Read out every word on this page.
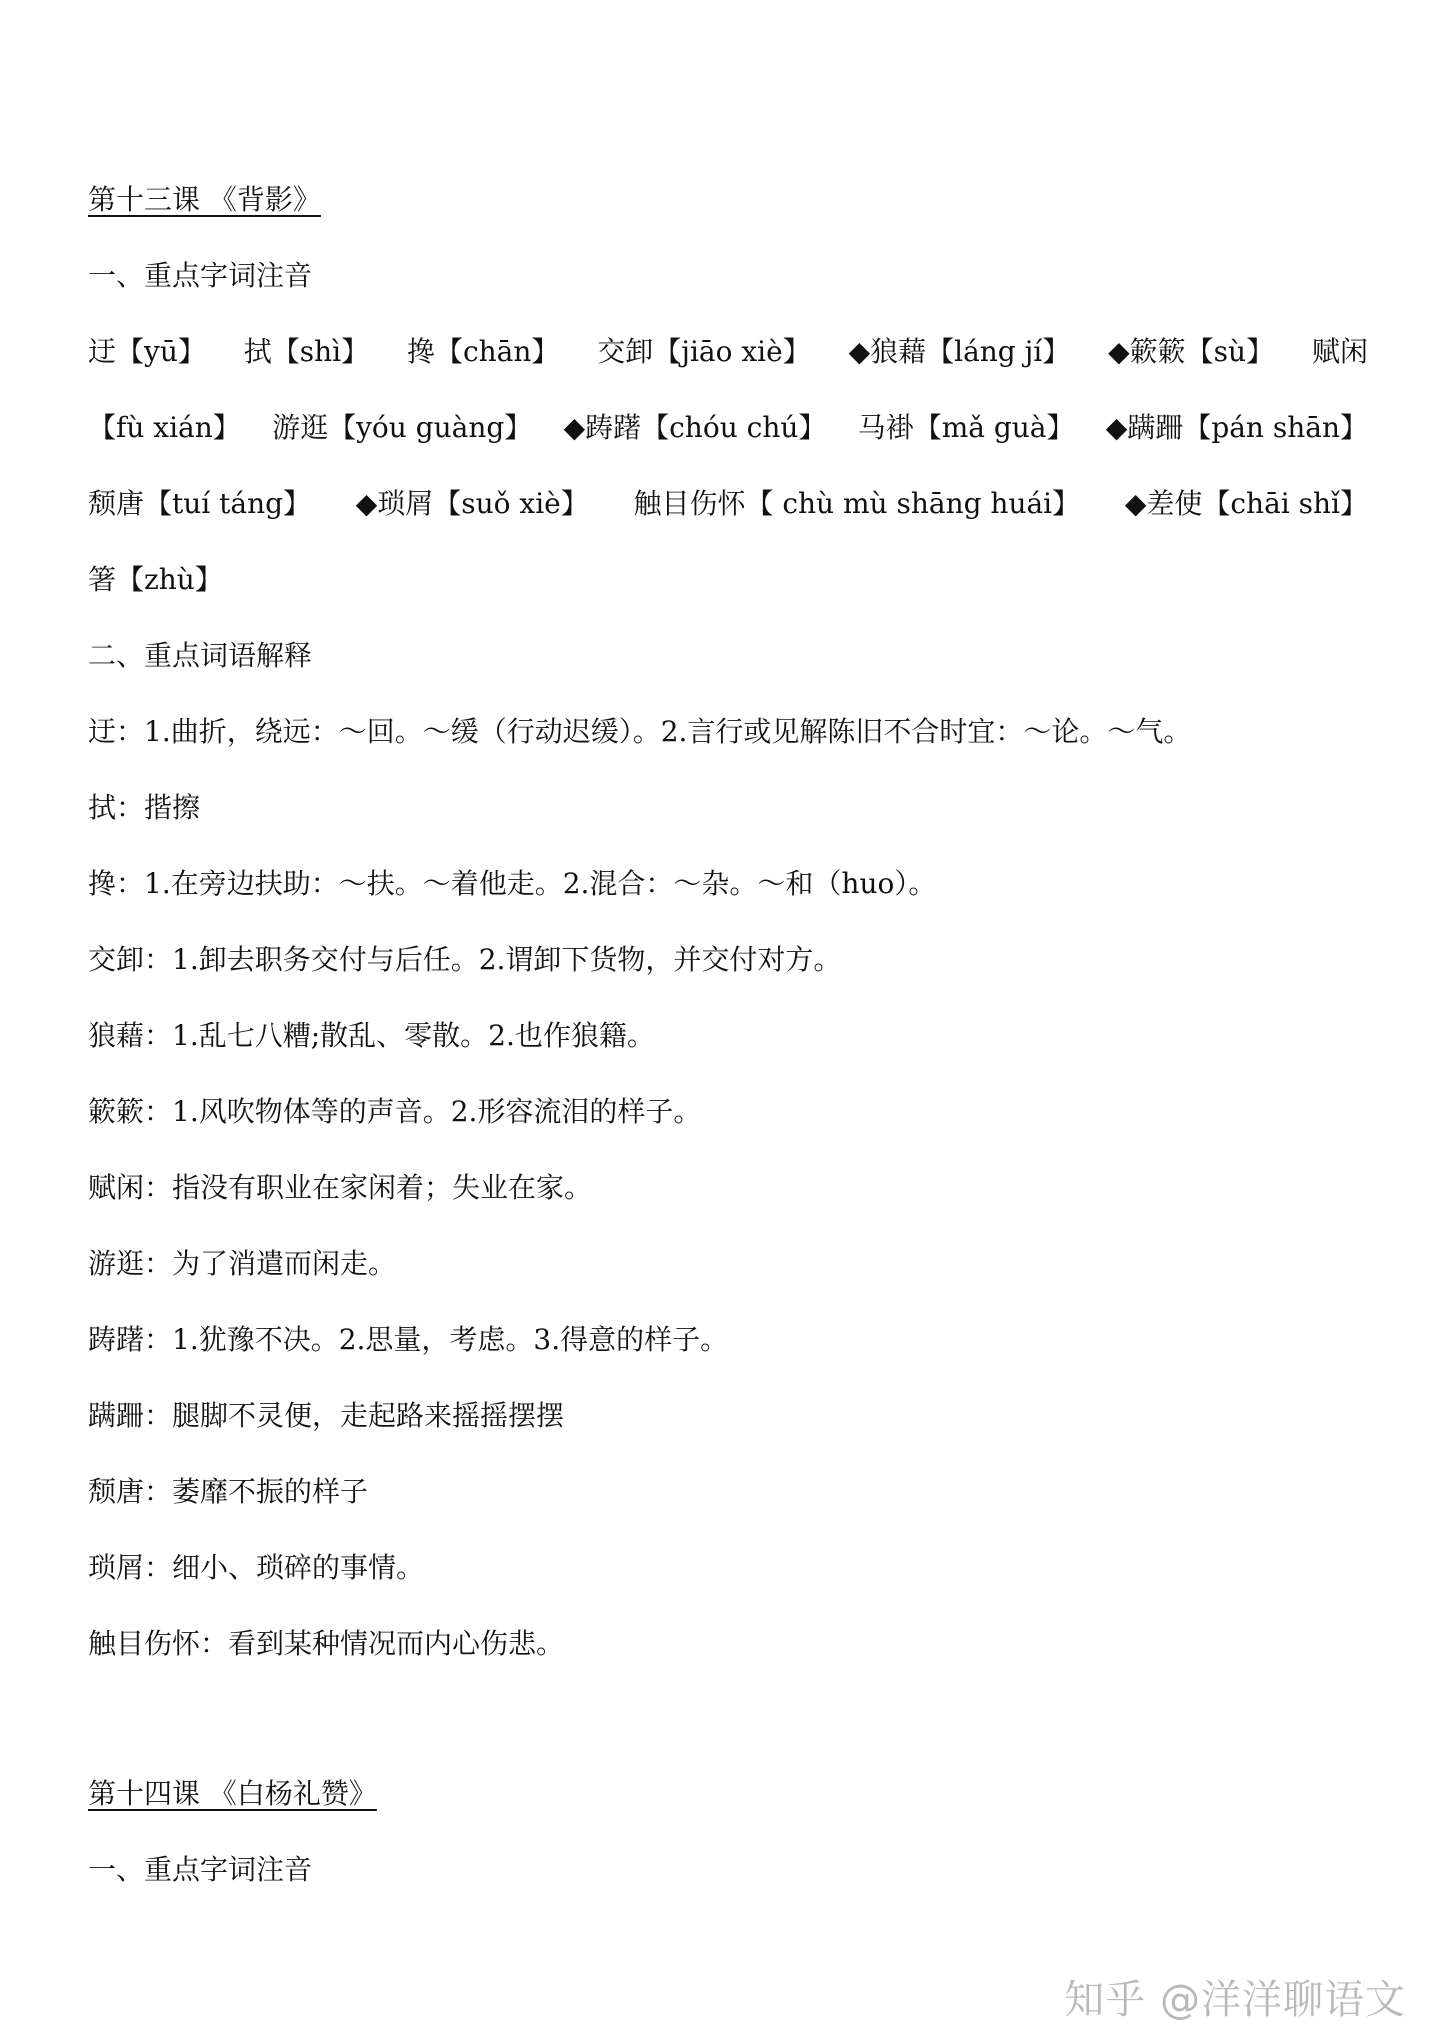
第十三课 《背影》
一、重点字词注音
迂【yū】 拭【shì】 搀【chān】 交卸【jiāo xiè】 ◆狼藉【láng jí】 ◆簌簌【sù】 赋闲
【fù xián】 游逛【yóu guàng】 ◆踌躇【chóu chú】 马褂【mǎ guà】 ◆蹒跚【pán shān】
颓唐【tuí táng】 ◆琐屑【suǒ xiè】 触目伤怀【 chù mù shāng huái】 ◆差使【chāi shǐ】
箸【zhù】
二、重点词语解释
迂：1.曲折，绕远：～回。～缓（行动迟缓）。2.言行或见解陈旧不合时宜：～论。～气。
拭：揩擦
搀：1.在旁边扶助：～扶。～着他走。2.混合：～杂。～和（huo）。
交卸：1.卸去职务交付与后任。2.谓卸下货物，并交付对方。
狼藉：1.乱七八糟;散乱、零散。2.也作狼籍。
簌簌：1.风吹物体等的声音。2.形容流泪的样子。
赋闲：指没有职业在家闲着；失业在家。
游逛：为了消遣而闲走。
踌躇：1.犹豫不决。2.思量，考虑。3.得意的样子。
蹒跚：腿脚不灵便，走起路来摇摇摆摆
颓唐：萎靡不振的样子
琐屑：细小、琐碎的事情。
触目伤怀：看到某种情况而内心伤悲。
第十四课 《白杨礼赞》
一、重点字词注音
知乎 @洋洋聊语文
